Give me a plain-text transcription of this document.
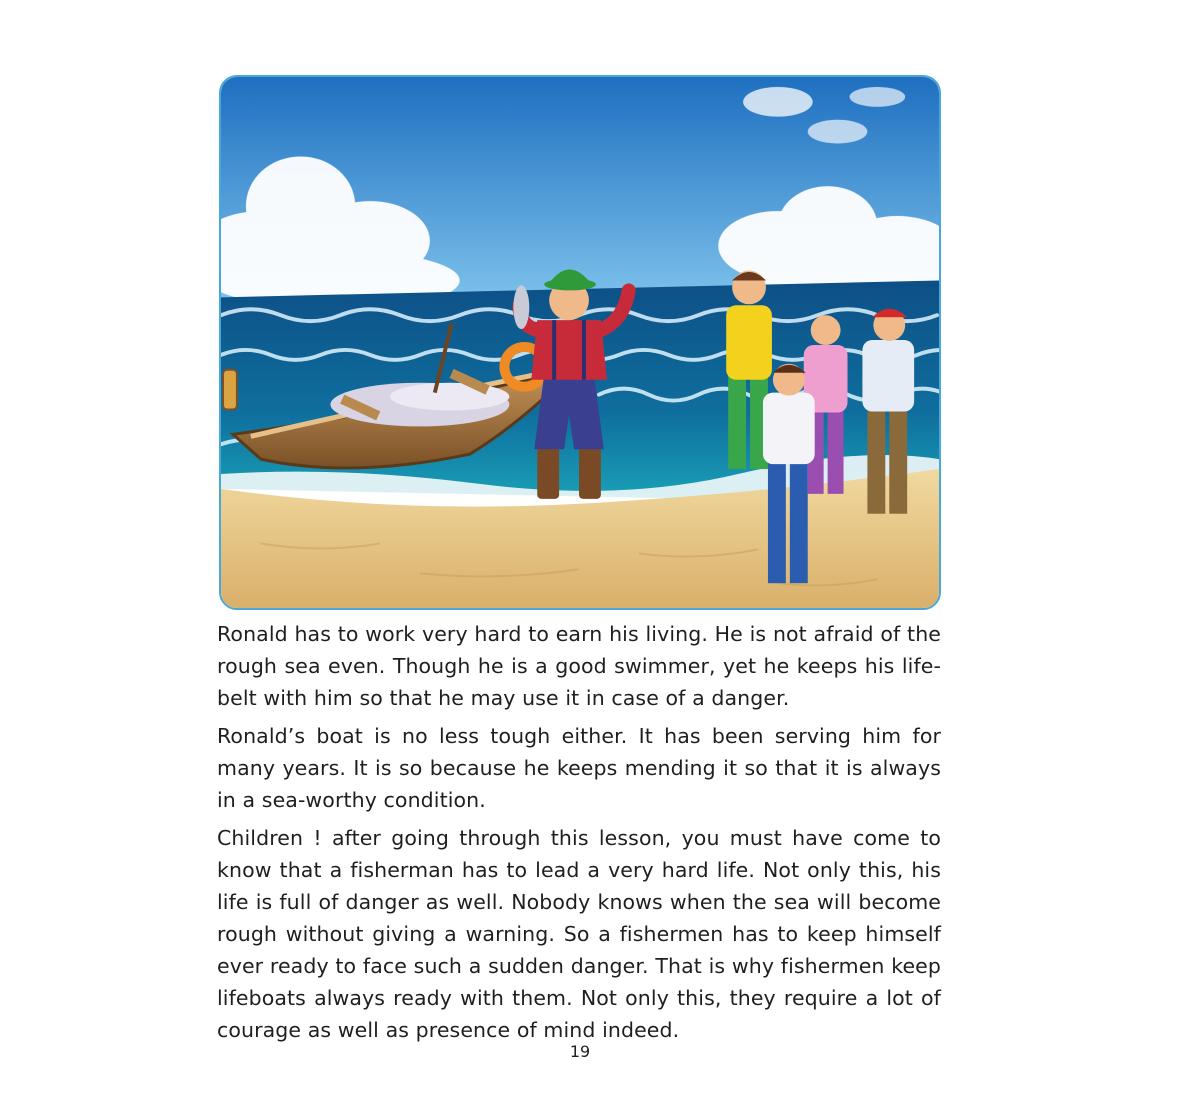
Ronald has to work very hard to earn his living. He is not afraid of the rough sea even. Though he is a good swimmer, yet he keeps his life-belt with him so that he may use it in case of a danger.

Ronald’s boat is no less tough either. It has been serving him for many years. It is so because he keeps mending it so that it is always in a sea-worthy condition.

Children ! after going through this lesson, you must have come to know that a fisherman has to lead a very hard life. Not only this, his life is full of danger as well. Nobody knows when the sea will become rough without giving a warning. So a fishermen has to keep himself ever ready to face such a sudden danger. That is why fishermen keep lifeboats always ready with them. Not only this, they require a lot of courage as well as presence of mind indeed.

19
